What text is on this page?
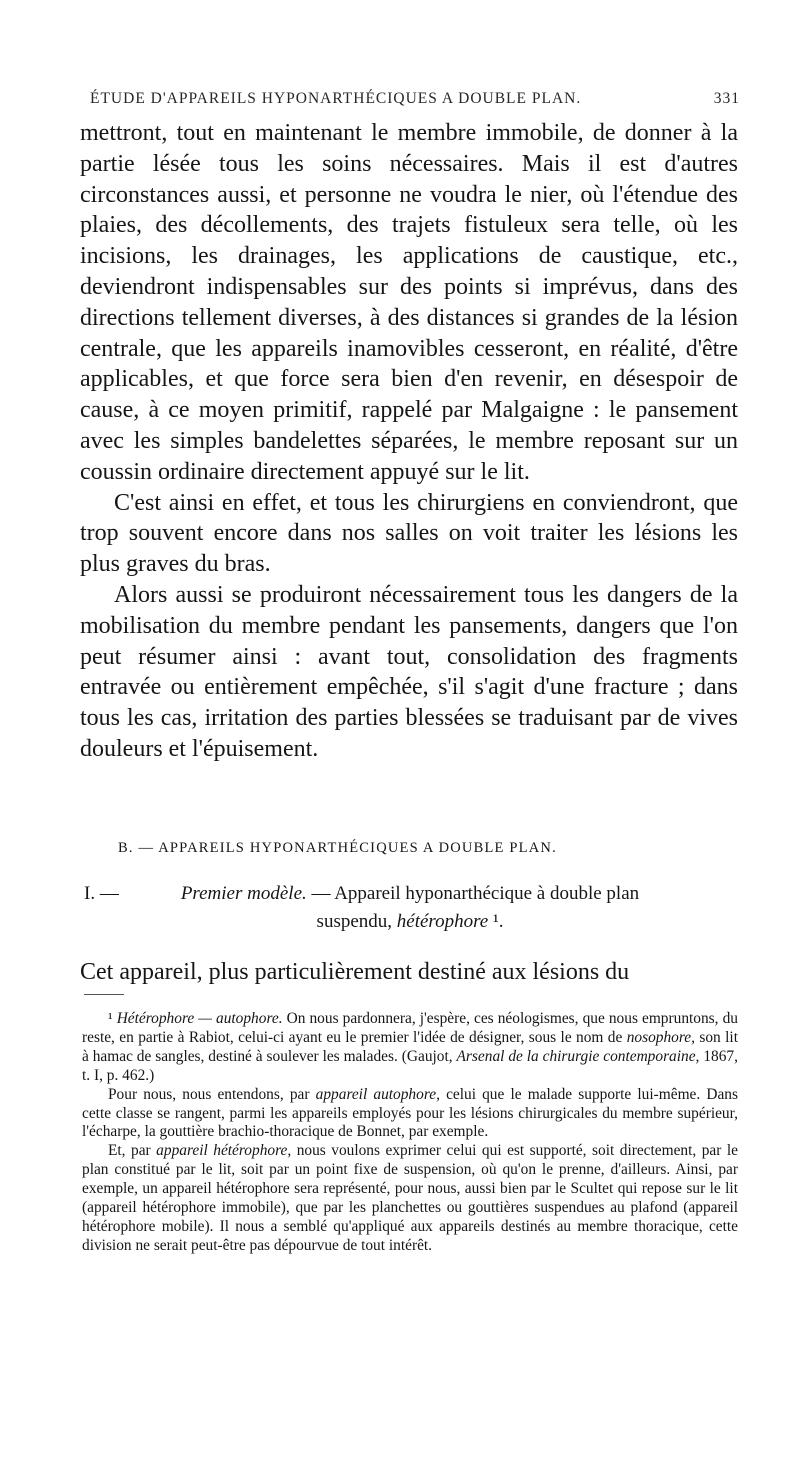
ÉTUDE D'APPAREILS HYPONARTHÉCIQUES A DOUBLE PLAN.	331

mettront, tout en maintenant le membre immobile, de donner à la partie lésée tous les soins nécessaires. Mais il est d'autres circonstances aussi, et personne ne voudra le nier, où l'étendue des plaies, des décollements, des trajets fistuleux sera telle, où les incisions, les drainages, les applications de caustique, etc., deviendront indispensables sur des points si imprévus, dans des directions tellement diverses, à des distances si grandes de la lésion centrale, que les appareils inamovibles cesseront, en réalité, d'être applicables, et que force sera bien d'en revenir, en désespoir de cause, à ce moyen primitif, rappelé par Malgaigne : le pansement avec les simples bandelettes séparées, le membre reposant sur un coussin ordinaire directement appuyé sur le lit.

C'est ainsi en effet, et tous les chirurgiens en conviendront, que trop souvent encore dans nos salles on voit traiter les lésions les plus graves du bras.

Alors aussi se produiront nécessairement tous les dangers de la mobilisation du membre pendant les pansements, dangers que l'on peut résumer ainsi : avant tout, consolidation des fragments entravée ou entièrement empêchée, s'il s'agit d'une fracture ; dans tous les cas, irritation des parties blessées se traduisant par de vives douleurs et l'épuisement.

B. — APPAREILS HYPONARTHÉCIQUES A DOUBLE PLAN.
I. —	Premier modèle. — Appareil hyponarthécique à double plan
suspendu, hétérophore ¹.
Cet appareil, plus particulièrement destiné aux lésions du

¹ Hétérophore — autophore. On nous pardonnera, j'espère, ces néologismes, que nous empruntons, du reste, en partie à Rabiot, celui-ci ayant eu le premier l'idée de désigner, sous le nom de nosophore, son lit à hamac de sangles, destiné à soulever les malades. (Gaujot, Arsenal de la chirurgie contemporaine, 1867, t. I, p. 462.)

Pour nous, nous entendons, par appareil autophore, celui que le malade supporte lui-même. Dans cette classe se rangent, parmi les appareils employés pour les lésions chirurgicales du membre supérieur, l'écharpe, la gouttière brachio-thoracique de Bonnet, par exemple.

Et, par appareil hétérophore, nous voulons exprimer celui qui est supporté, soit directement, par le plan constitué par le lit, soit par un point fixe de suspension, où qu'on le prenne, d'ailleurs. Ainsi, par exemple, un appareil hétérophore sera représenté, pour nous, aussi bien par le Scultet qui repose sur le lit (appareil hétérophore immobile), que par les planchettes ou gouttières suspendues au plafond (appareil hétérophore mobile). Il nous a semblé qu'appliqué aux appareils destinés au membre thoracique, cette division ne serait peut-être pas dépourvue de tout intérêt.
